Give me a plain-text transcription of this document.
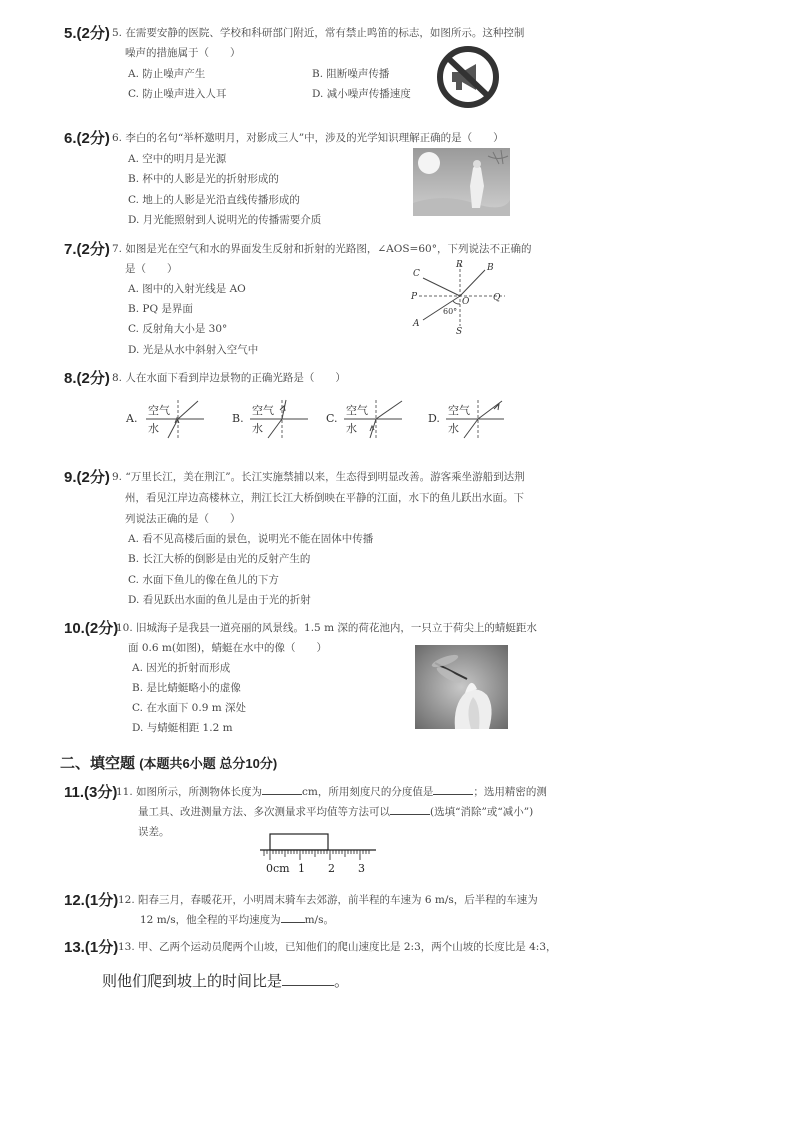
5.(2分) 5. 在需要安静的医院、学校和科研部门附近，常有禁止鸣笛的标志，如图所示。这种控制
噪声的措施属于（　　）
A. 防止噪声产生	B. 阻断噪声传播
C. 防止噪声进入人耳	D. 减小噪声传播速度
6.(2分) 6. 李白的名句“举杯邀明月，对影成三人”中，涉及的光学知识理解正确的是（　　）
A. 空中的明月是光源
B. 杯中的人影是光的折射形成的
C. 地上的人影是光沿直线传播形成的
D. 月光能照射到人说明光的传播需要介质
7.(2分) 7. 如图是光在空气和水的界面发生反射和折射的光路图，∠AOS=60°，下列说法不正确的
是（　　）
A. 图中的入射光线是 AO
B. PQ 是界面
C. 反射角大小是 30°
D. 光是从水中斜射入空气中
C
R	B
P	O	Q
A
S
60°
8.(2分) 8. 人在水面下看到岸边景物的正确光路是（　　）
A.
空气
水
B.
空气
水
C.
空气
水
D.
空气
水
9.(2分) 9. “万里长江，美在荆江”。长江实施禁捕以来，生态得到明显改善。游客乘坐游船到达荆
州，看见江岸边高楼林立，荆江长江大桥倒映在平静的江面，水下的鱼儿跃出水面。下
列说法正确的是（　　）
A. 看不见高楼后面的景色，说明光不能在固体中传播
B. 长江大桥的倒影是由光的反射产生的
C. 水面下鱼儿的像在鱼儿的下方
D. 看见跃出水面的鱼儿是由于光的折射
10.(2分)
10. 旧城海子是我县一道亮丽的风景线。1.5 m 深的荷花池内，一只立于荷尖上的蜻蜓距水
面 0.6 m(如图)，蜻蜓在水中的像（　　）
A. 因光的折射而形成
B. 是比蜻蜓略小的虚像
C. 在水面下 0.9 m 深处
D. 与蜻蜓相距 1.2 m
二、填空题 (本题共6小题 总分10分)
11.(3分)
11. 如图所示，所测物体长度为	cm，所用刻度尺的分度值是	；选用精密的测
量工具、改进测量方法、多次测量求平均值等方法可以	(选填“消除”或“减小”)
误差。
0cm 1 2 3
12.(1分) 12. 阳春三月，春暖花开，小明周末骑车去郊游，前半程的车速为 6 m/s，后半程的车速为
12 m/s，他全程的平均速度为 m/s。
13.(1分) 13. 甲、乙两个运动员爬两个山坡，已知他们的爬山速度比是 2:3，两个山坡的长度比是 4:3，
则他们爬到坡上的时间比是	。
